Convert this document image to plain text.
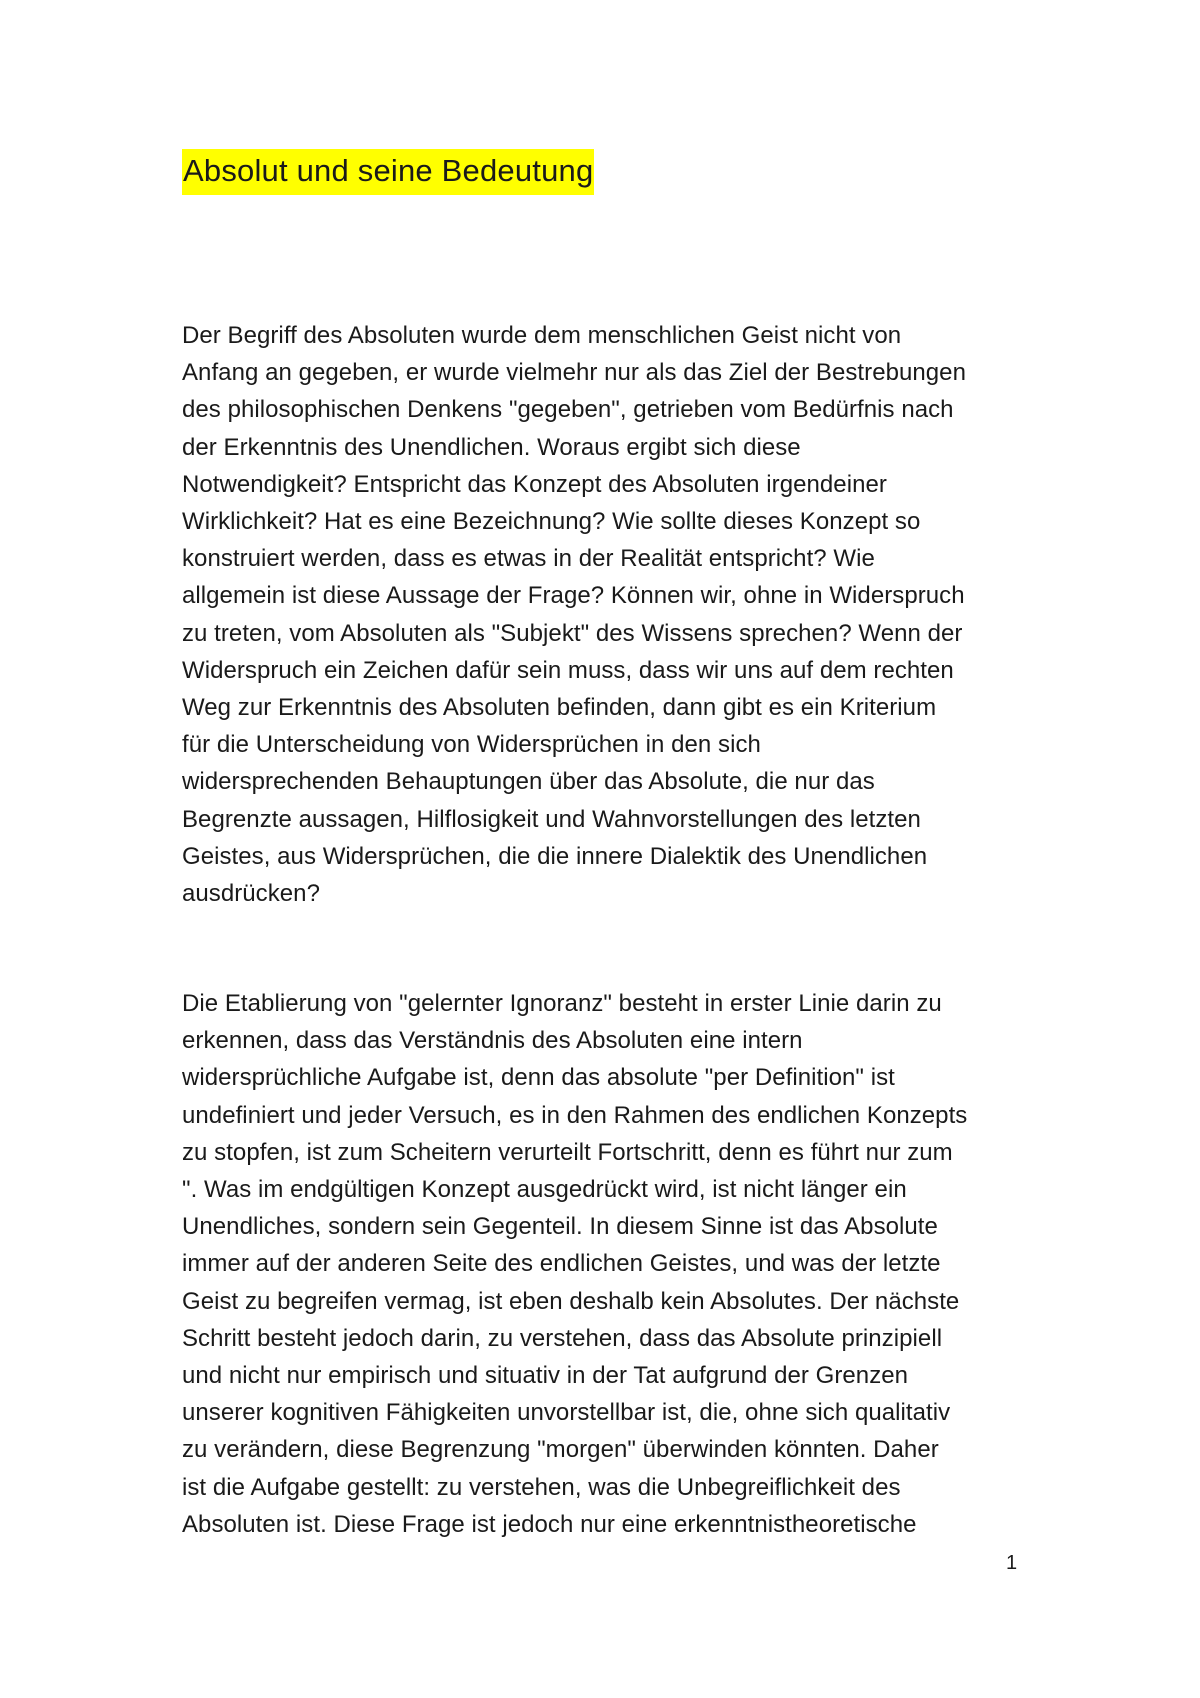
Absolut und seine Bedeutung

Der Begriff des Absoluten wurde dem menschlichen Geist nicht von
Anfang an gegeben, er wurde vielmehr nur als das Ziel der Bestrebungen
des philosophischen Denkens "gegeben", getrieben vom Bedürfnis nach
der Erkenntnis des Unendlichen. Woraus ergibt sich diese
Notwendigkeit? Entspricht das Konzept des Absoluten irgendeiner
Wirklichkeit? Hat es eine Bezeichnung? Wie sollte dieses Konzept so
konstruiert werden, dass es etwas in der Realität entspricht? Wie
allgemein ist diese Aussage der Frage? Können wir, ohne in Widerspruch
zu treten, vom Absoluten als "Subjekt" des Wissens sprechen? Wenn der
Widerspruch ein Zeichen dafür sein muss, dass wir uns auf dem rechten
Weg zur Erkenntnis des Absoluten befinden, dann gibt es ein Kriterium
für die Unterscheidung von Widersprüchen in den sich
widersprechenden Behauptungen über das Absolute, die nur das
Begrenzte aussagen, Hilflosigkeit und Wahnvorstellungen des letzten
Geistes, aus Widersprüchen, die die innere Dialektik des Unendlichen
ausdrücken?

Die Etablierung von "gelernter Ignoranz" besteht in erster Linie darin zu
erkennen, dass das Verständnis des Absoluten eine intern
widersprüchliche Aufgabe ist, denn das absolute "per Definition" ist
undefiniert und jeder Versuch, es in den Rahmen des endlichen Konzepts
zu stopfen, ist zum Scheitern verurteilt Fortschritt, denn es führt nur zum
". Was im endgültigen Konzept ausgedrückt wird, ist nicht länger ein
Unendliches, sondern sein Gegenteil. In diesem Sinne ist das Absolute
immer auf der anderen Seite des endlichen Geistes, und was der letzte
Geist zu begreifen vermag, ist eben deshalb kein Absolutes. Der nächste
Schritt besteht jedoch darin, zu verstehen, dass das Absolute prinzipiell
und nicht nur empirisch und situativ in der Tat aufgrund der Grenzen
unserer kognitiven Fähigkeiten unvorstellbar ist, die, ohne sich qualitativ
zu verändern, diese Begrenzung "morgen" überwinden könnten. Daher
ist die Aufgabe gestellt: zu verstehen, was die Unbegreiflichkeit des
Absoluten ist. Diese Frage ist jedoch nur eine erkenntnistheoretische

1
